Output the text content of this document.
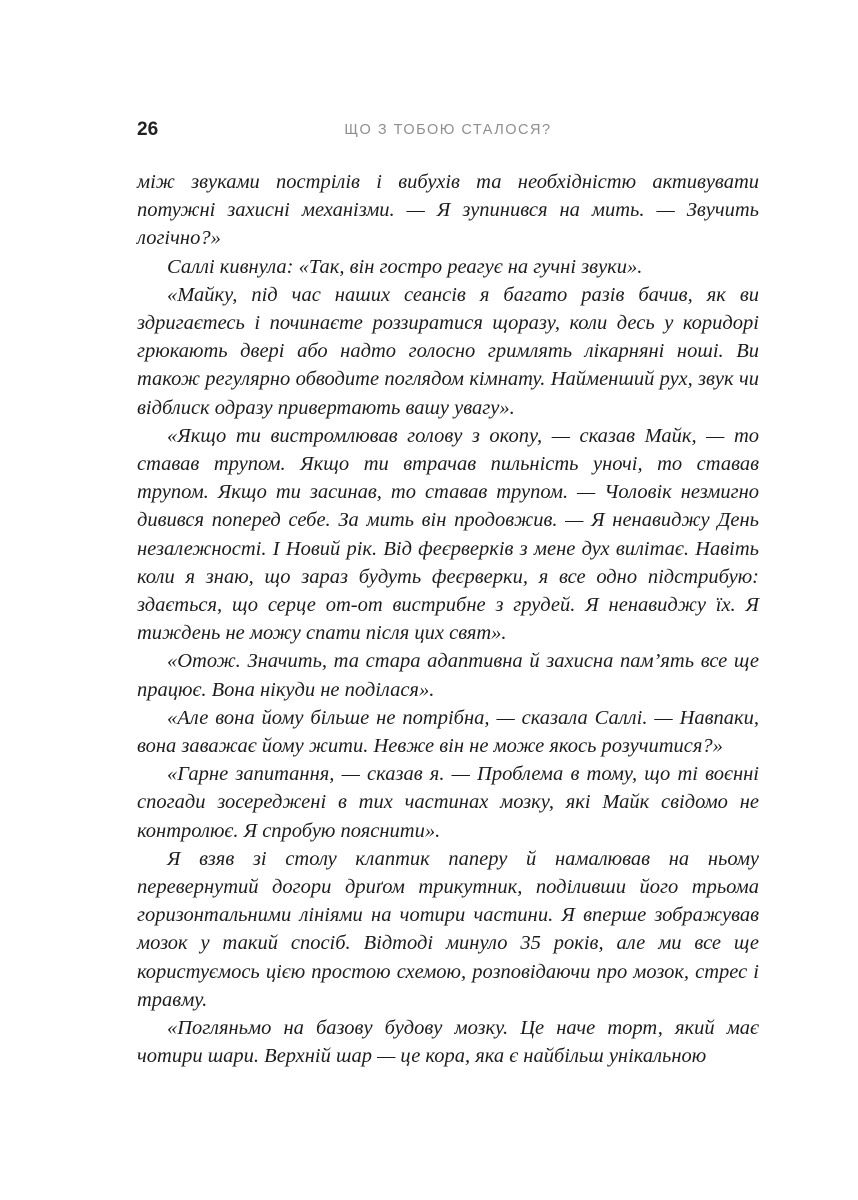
26	ЩО З ТОБОЮ СТАЛОСЯ?

між звуками пострілів і вибухів та необхідністю активувати потужні захисні механізми. — Я зупинився на мить. — Звучить логічно?»

Саллі кивнула: «Так, він гостро реагує на гучні звуки».

«Майку, під час наших сеансів я багато разів бачив, як ви здригаєтесь і починаєте роззиратися щоразу, коли десь у коридорі грюкають двері або надто голосно гримлять лікарняні ноші. Ви також регулярно обводите поглядом кімнату. Найменший рух, звук чи відблиск одразу привертають вашу увагу».

«Якщо ти вистромлював голову з окопу, — сказав Майк, — то ставав трупом. Якщо ти втрачав пильність уночі, то ставав трупом. Якщо ти засинав, то ставав трупом. — Чоловік незмигно дивився поперед себе. За мить він продовжив. — Я ненавиджу День незалежності. І Новий рік. Від феєрверків з мене дух вилітає. Навіть коли я знаю, що зараз будуть феєрверки, я все одно підстрибую: здається, що серце от-от вистрибне з грудей. Я ненавиджу їх. Я тиждень не можу спати після цих свят».

«Отож. Значить, та стара адаптивна й захисна пам’ять все ще працює. Вона нікуди не поділася».

«Але вона йому більше не потрібна, — сказала Саллі. — Навпаки, вона заважає йому жити. Невже він не може якось розучитися?»

«Гарне запитання, — сказав я. — Проблема в тому, що ті воєнні спогади зосереджені в тих частинах мозку, які Майк свідомо не контролює. Я спробую пояснити».

Я взяв зі столу клаптик паперу й намалював на ньому перевернутий догори дриґом трикутник, поділивши його трьома горизонтальними лініями на чотири частини. Я вперше зображував мозок у такий спосіб. Відтоді минуло 35 років, але ми все ще користуємось цією простою схемою, розповідаючи про мозок, стрес і травму.

«Погляньмо на базову будову мозку. Це наче торт, який має чотири шари. Верхній шар — це кора, яка є найбільш унікальною
